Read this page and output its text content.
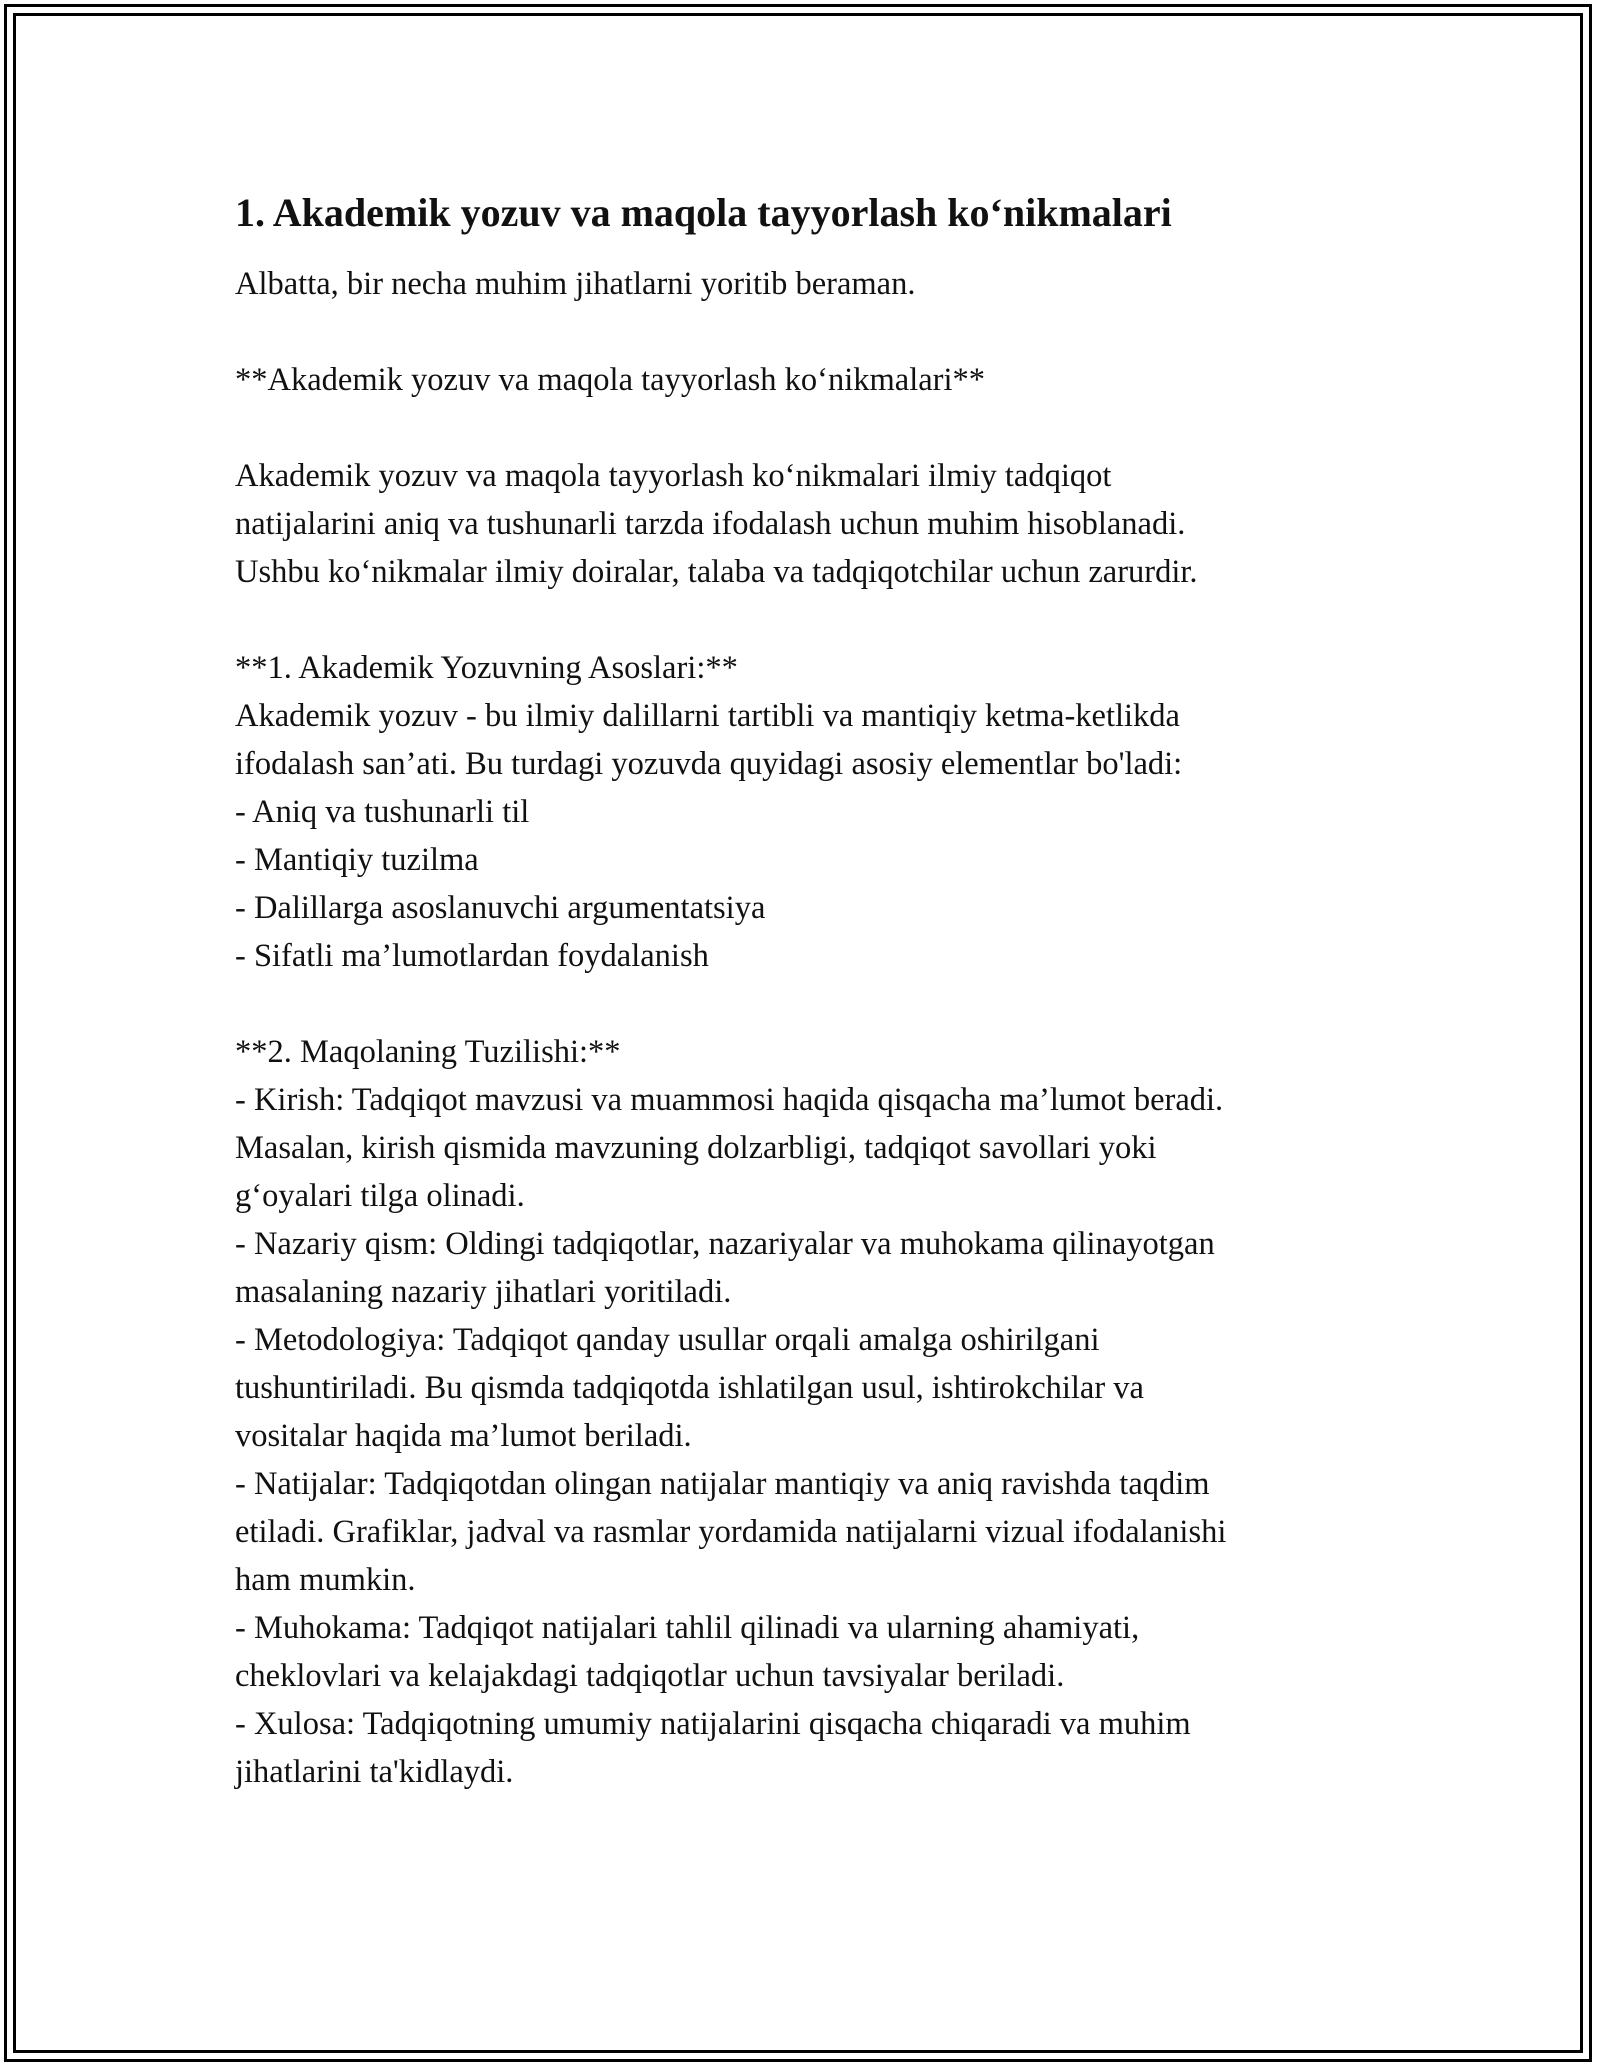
1. Akademik yozuv va maqola tayyorlash ko‘nikmalari

Albatta, bir necha muhim jihatlarni yoritib beraman.

**Akademik yozuv va maqola tayyorlash ko‘nikmalari**

Akademik yozuv va maqola tayyorlash ko‘nikmalari ilmiy tadqiqot

natijalarini aniq va tushunarli tarzda ifodalash uchun muhim hisoblanadi.

Ushbu ko‘nikmalar ilmiy doiralar, talaba va tadqiqotchilar uchun zarurdir.

**1. Akademik Yozuvning Asoslari:**

Akademik yozuv - bu ilmiy dalillarni tartibli va mantiqiy ketma-ketlikda

ifodalash san’ati. Bu turdagi yozuvda quyidagi asosiy elementlar bo'ladi:

- Aniq va tushunarli til

- Mantiqiy tuzilma

- Dalillarga asoslanuvchi argumentatsiya

- Sifatli ma’lumotlardan foydalanish

**2. Maqolaning Tuzilishi:**

- Kirish: Tadqiqot mavzusi va muammosi haqida qisqacha ma’lumot beradi.

Masalan, kirish qismida mavzuning dolzarbligi, tadqiqot savollari yoki

g‘oyalari tilga olinadi.

- Nazariy qism: Oldingi tadqiqotlar, nazariyalar va muhokama qilinayotgan

masalaning nazariy jihatlari yoritiladi.

- Metodologiya: Tadqiqot qanday usullar orqali amalga oshirilgani

tushuntiriladi. Bu qismda tadqiqotda ishlatilgan usul, ishtirokchilar va

vositalar haqida ma’lumot beriladi.

- Natijalar: Tadqiqotdan olingan natijalar mantiqiy va aniq ravishda taqdim

etiladi. Grafiklar, jadval va rasmlar yordamida natijalarni vizual ifodalanishi

ham mumkin.

- Muhokama: Tadqiqot natijalari tahlil qilinadi va ularning ahamiyati,

cheklovlari va kelajakdagi tadqiqotlar uchun tavsiyalar beriladi.

- Xulosa: Tadqiqotning umumiy natijalarini qisqacha chiqaradi va muhim

jihatlarini ta'kidlaydi.
